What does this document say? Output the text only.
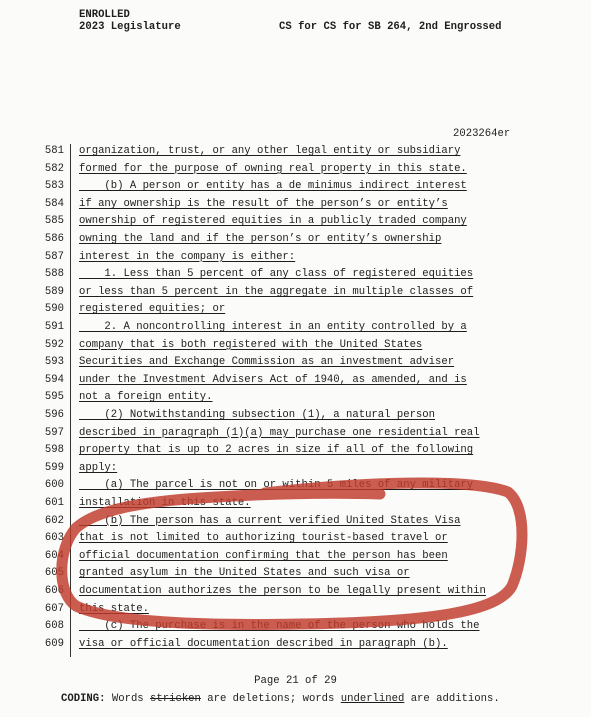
ENROLLED
2023 Legislature	CS for CS for SB 264, 2nd Engrossed
2023264er
581 organization, trust, or any other legal entity or subsidiary
582 formed for the purpose of owning real property in this state.
583 (b) A person or entity has a de minimus indirect interest
584 if any ownership is the result of the person’s or entity’s
585 ownership of registered equities in a publicly traded company
586 owning the land and if the person’s or entity’s ownership
587 interest in the company is either:
588 1. Less than 5 percent of any class of registered equities
589 or less than 5 percent in the aggregate in multiple classes of
590 registered equities; or
591 2. A noncontrolling interest in an entity controlled by a
592 company that is both registered with the United States
593 Securities and Exchange Commission as an investment adviser
594 under the Investment Advisers Act of 1940, as amended, and is
595 not a foreign entity.
596 (2) Notwithstanding subsection (1), a natural person
597 described in paragraph (1)(a) may purchase one residential real
598 property that is up to 2 acres in size if all of the following
599 apply:
600 (a) The parcel is not on or within 5 miles of any military
601 installation in this state.
602 (b) The person has a current verified United States Visa
603 that is not limited to authorizing tourist-based travel or
604 official documentation confirming that the person has been
605 granted asylum in the United States and such visa or
606 documentation authorizes the person to be legally present within
607 this state.
608 (c) The purchase is in the name of the person who holds the
609 visa or official documentation described in paragraph (b).
Page 21 of 29
CODING: Words stricken are deletions; words underlined are additions.
